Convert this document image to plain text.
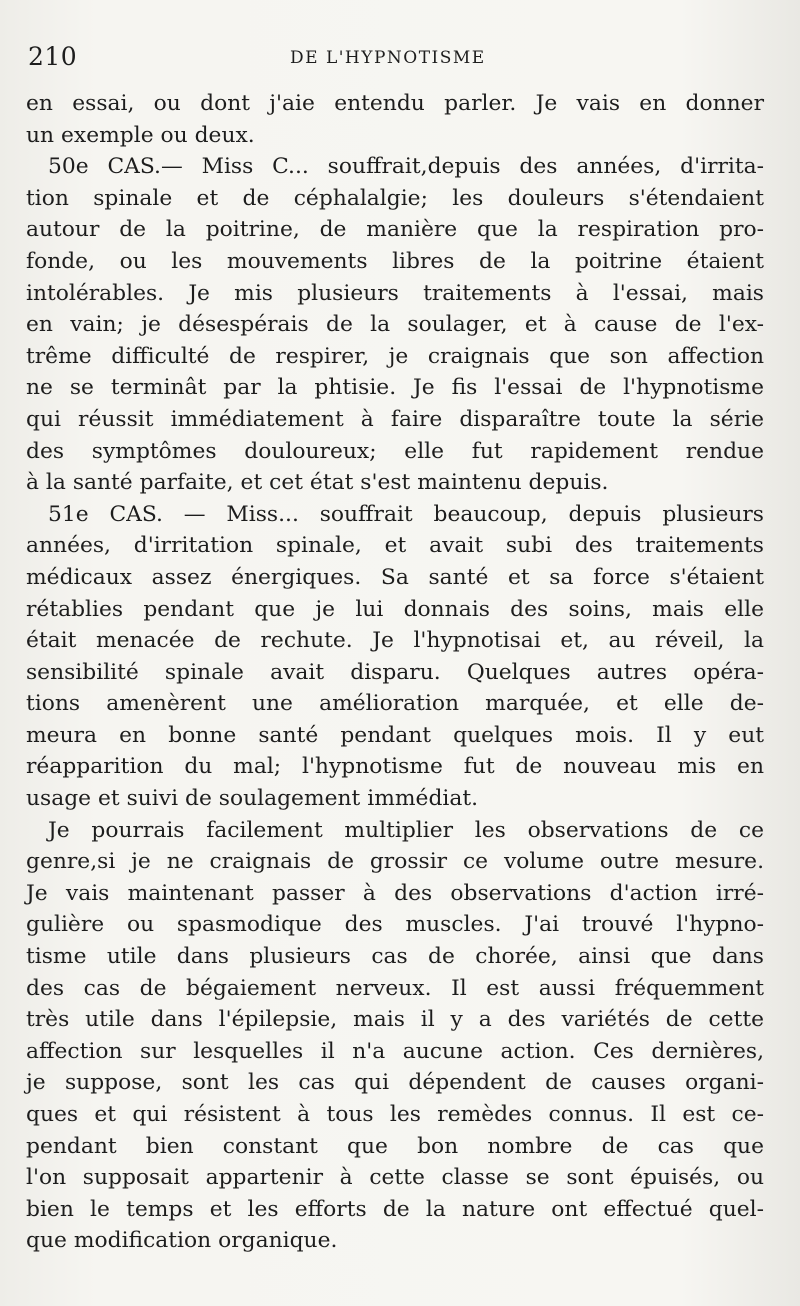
210	DE L'HYPNOTISME
en essai, ou dont j'aie entendu parler. Je vais en donner
un exemple ou deux.
50e CAS.— Miss C... souffrait,depuis des années, d'irrita-
tion spinale et de céphalalgie; les douleurs s'étendaient
autour de la poitrine, de manière que la respiration pro-
fonde, ou les mouvements libres de la poitrine étaient
intolérables. Je mis plusieurs traitements à l'essai, mais
en vain; je désespérais de la soulager, et à cause de l'ex-
trême difficulté de respirer, je craignais que son affection
ne se terminât par la phtisie. Je fis l'essai de l'hypnotisme
qui réussit immédiatement à faire disparaître toute la série
des symptômes douloureux; elle fut rapidement rendue
à la santé parfaite, et cet état s'est maintenu depuis.
51e CAS. — Miss... souffrait beaucoup, depuis plusieurs
années, d'irritation spinale, et avait subi des traitements
médicaux assez énergiques. Sa santé et sa force s'étaient
rétablies pendant que je lui donnais des soins, mais elle
était menacée de rechute. Je l'hypnotisai et, au réveil, la
sensibilité spinale avait disparu. Quelques autres opéra-
tions amenèrent une amélioration marquée, et elle de-
meura en bonne santé pendant quelques mois. Il y eut
réapparition du mal; l'hypnotisme fut de nouveau mis en
usage et suivi de soulagement immédiat.
Je pourrais facilement multiplier les observations de ce
genre,si je ne craignais de grossir ce volume outre mesure.
Je vais maintenant passer à des observations d'action irré-
gulière ou spasmodique des muscles. J'ai trouvé l'hypno-
tisme utile dans plusieurs cas de chorée, ainsi que dans
des cas de bégaiement nerveux. Il est aussi fréquemment
très utile dans l'épilepsie, mais il y a des variétés de cette
affection sur lesquelles il n'a aucune action. Ces dernières,
je suppose, sont les cas qui dépendent de causes organi-
ques et qui résistent à tous les remèdes connus. Il est ce-
pendant bien constant que bon nombre de cas que
l'on supposait appartenir à cette classe se sont épuisés, ou
bien le temps et les efforts de la nature ont effectué quel-
que modification organique.
